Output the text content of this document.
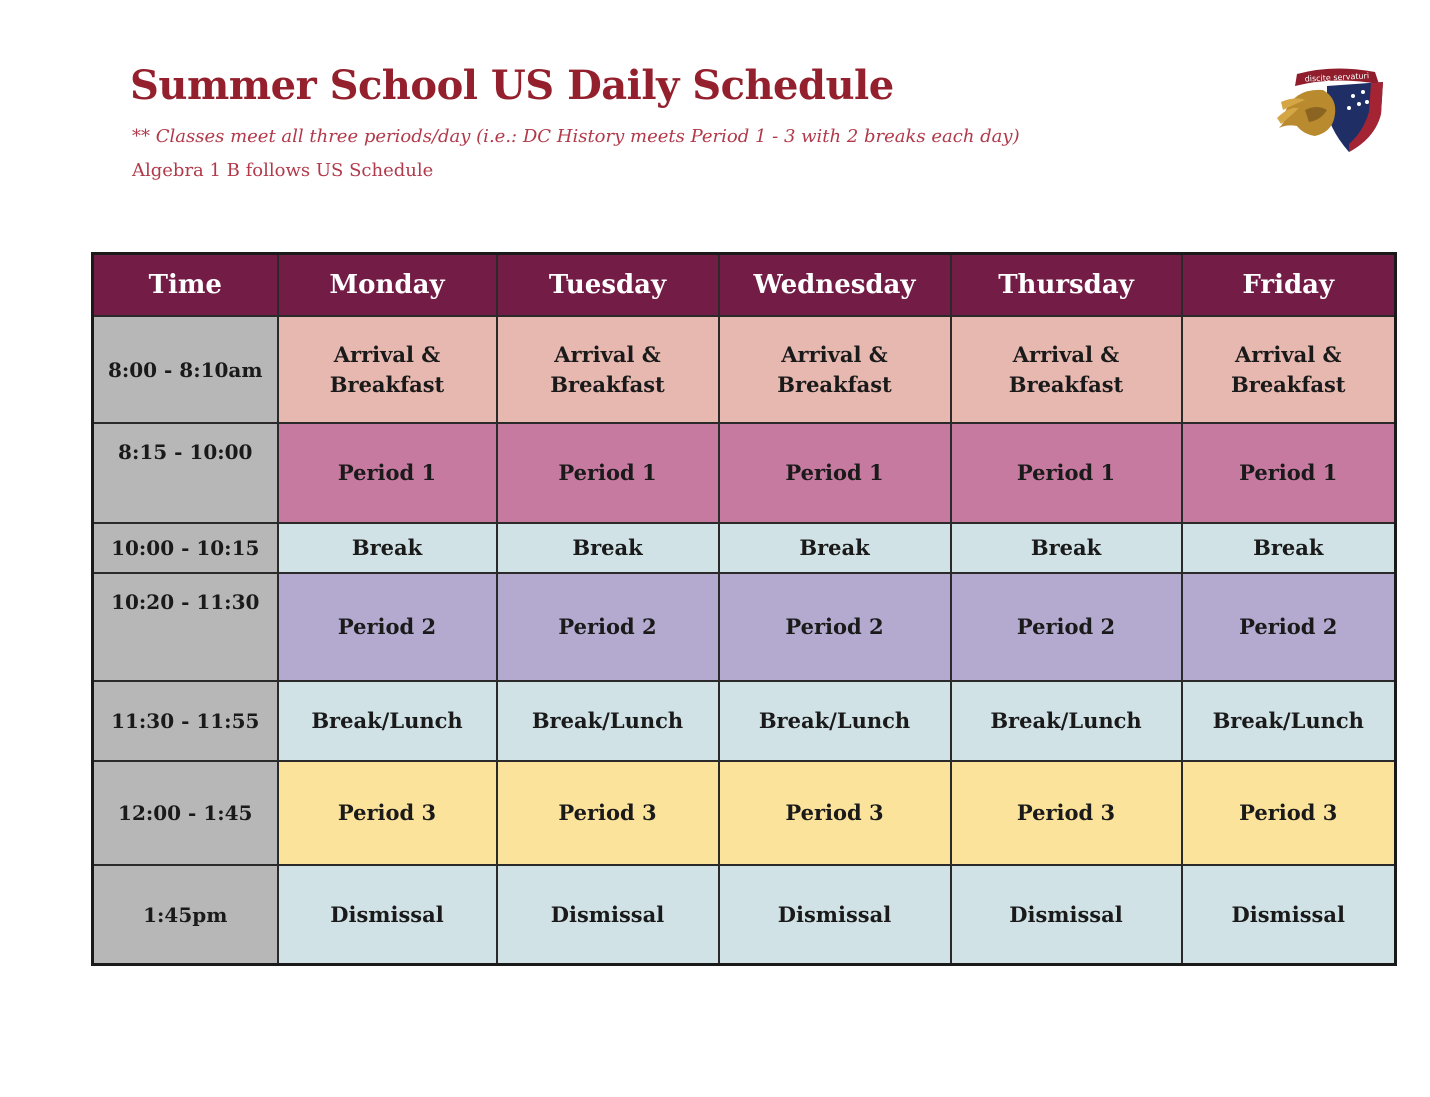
Summer School US Daily Schedule
** Classes meet all three periods/day (i.e.: DC History meets Period 1 - 3 with 2 breaks each day)
Algebra 1 B follows US Schedule
discite servaturi
Time	Monday	Tuesday	Wednesday	Thursday	Friday
8:00 - 8:10am	Arrival & Breakfast	Arrival & Breakfast	Arrival & Breakfast	Arrival & Breakfast	Arrival & Breakfast
8:15 - 10:00	Period 1	Period 1	Period 1	Period 1	Period 1
10:00 - 10:15	Break	Break	Break	Break	Break
10:20 - 11:30	Period 2	Period 2	Period 2	Period 2	Period 2
11:30 - 11:55	Break/Lunch	Break/Lunch	Break/Lunch	Break/Lunch	Break/Lunch
12:00 - 1:45	Period 3	Period 3	Period 3	Period 3	Period 3
1:45pm	Dismissal	Dismissal	Dismissal	Dismissal	Dismissal
